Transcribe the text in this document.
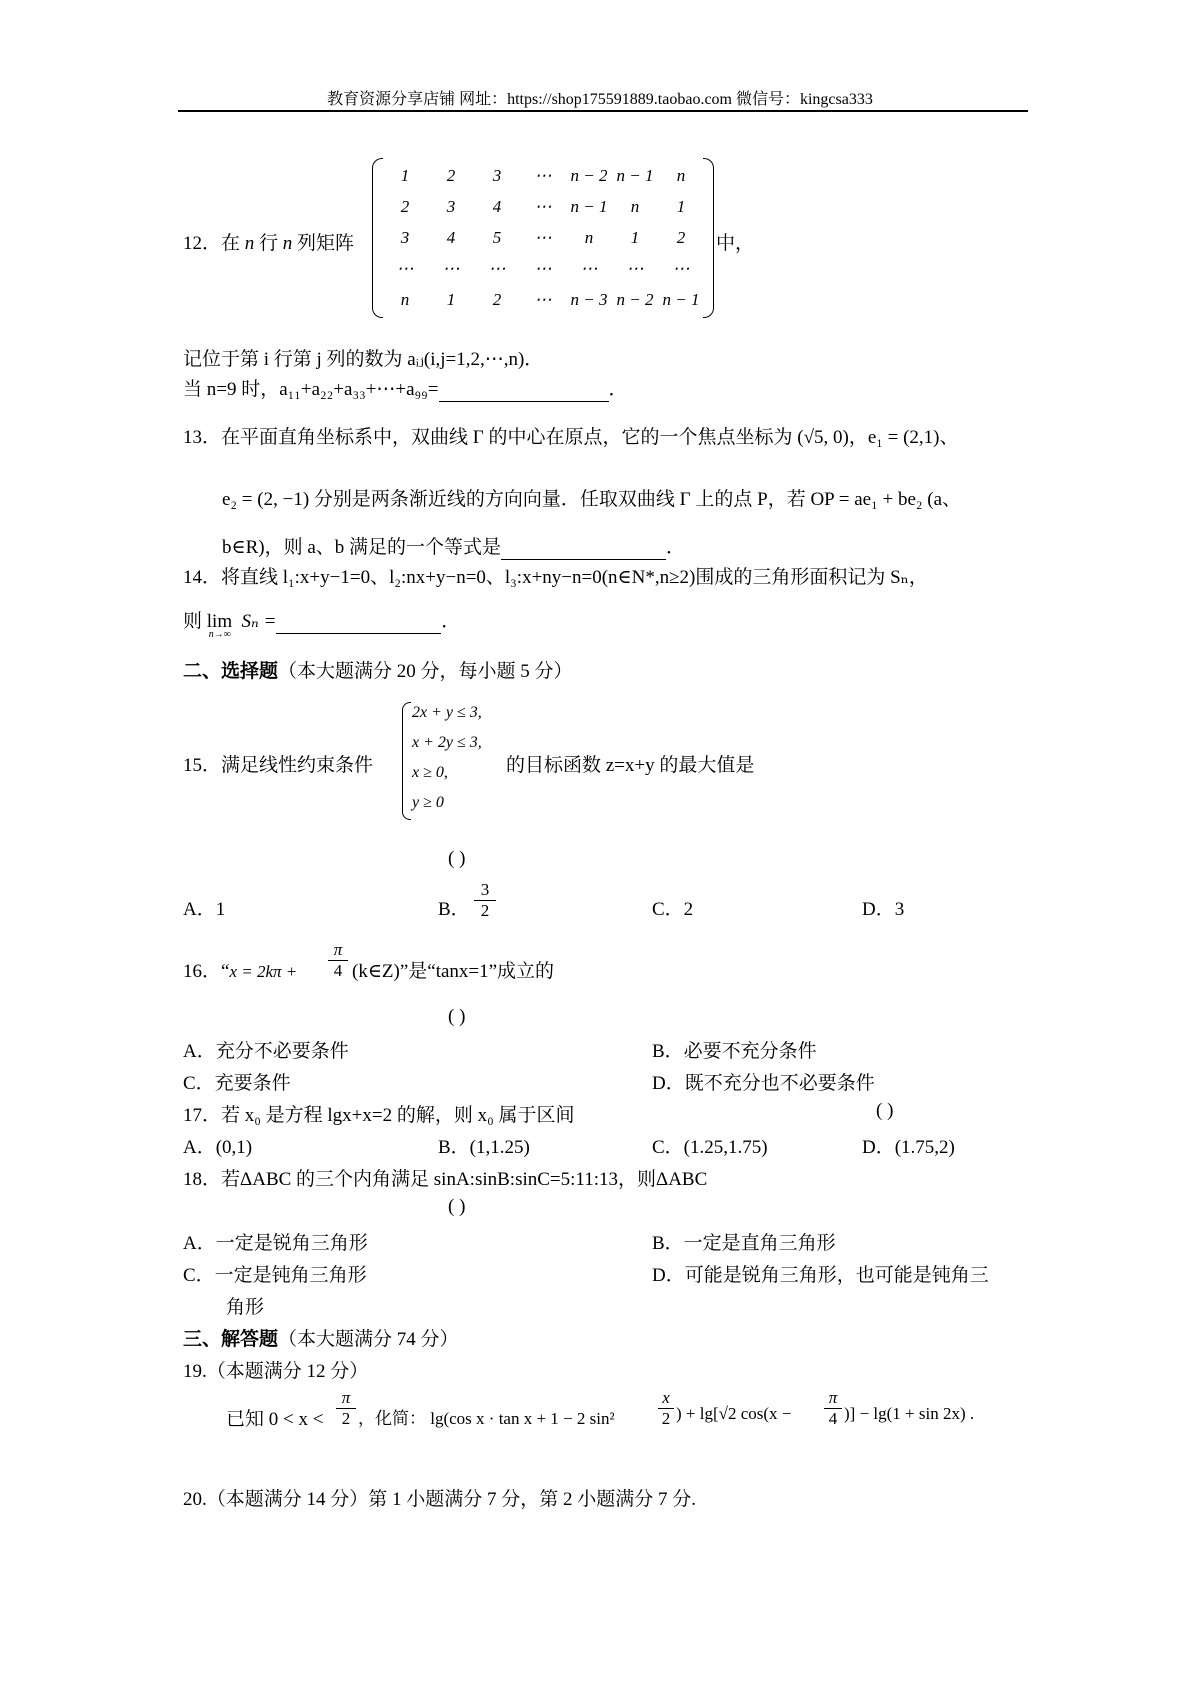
教育资源分享店铺 网址：https://shop175591889.taobao.com 微信号：kingcsa333
12．在 n 行 n 列矩阵
1	2	3	⋯	n − 2	n − 1	n
2	3	4	⋯	n − 1	n	1
3	4	5	⋯	n	1	2
⋯	⋯	⋯	⋯	⋯	⋯	⋯
n	1	2	⋯	n − 3	n − 2	n − 1
中，
记位于第 i 行第 j 列的数为 aᵢⱼ(i,j=1,2,⋯,n)．
当 n=9 时，a₁₁+a₂₂+a₃₃+⋯+a₉₉=	．
13．在平面直角坐标系中，双曲线 Γ 的中心在原点，它的一个焦点坐标为 (√5, 0)，e₁ = (2,1)、
e₂ = (2, −1) 分别是两条渐近线的方向向量．任取双曲线 Γ 上的点 P，若 OP = ae₁ + be₂ (a、
b∈R)，则 a、b 满足的一个等式是	．
14．将直线 l₁:x+y−1=0、l₂:nx+y−n=0、l₃:x+ny−n=0(n∈N*,n≥2)围成的三角形面积记为 Sₙ，
则 lim
n→∞
Sₙ =	．
二、选择题（本大题满分 20 分，每小题 5 分）
15．满足线性约束条件
2x + y ≤ 3,
x + 2y ≤ 3,
x ≥ 0,
y ≥ 0
的目标函数 z=x+y 的最大值是
( )
A．1	B．
3
2	C．2	D．3
16．“x = 2kπ +
π
4 (k∈Z)”是“tanx=1”成立的
( )
A．充分不必要条件	B．必要不充分条件
C．充要条件	D．既不充分也不必要条件
17．若 x₀ 是方程 lgx+x=2 的解，则 x₀ 属于区间	( )
A．(0,1)	B．(1,1.25)	C．(1.25,1.75)	D．(1.75,2)
18．若ΔABC 的三个内角满足 sinA:sinB:sinC=5:11:13，则ΔABC
( )
A．一定是锐角三角形	B．一定是直角三角形
C．一定是钝角三角形	D．可能是锐角三角形，也可能是钝角三
角形
三、解答题（本大题满分 74 分）
19.（本题满分 12 分）
已知 0 < x <
π
2 ，化简： lg(cos x · tan x + 1 − 2 sin²
x
2 ) + lg[√2 cos(x −
π
4 )] − lg(1 + sin 2x) .
20.（本题满分 14 分）第 1 小题满分 7 分，第 2 小题满分 7 分.
